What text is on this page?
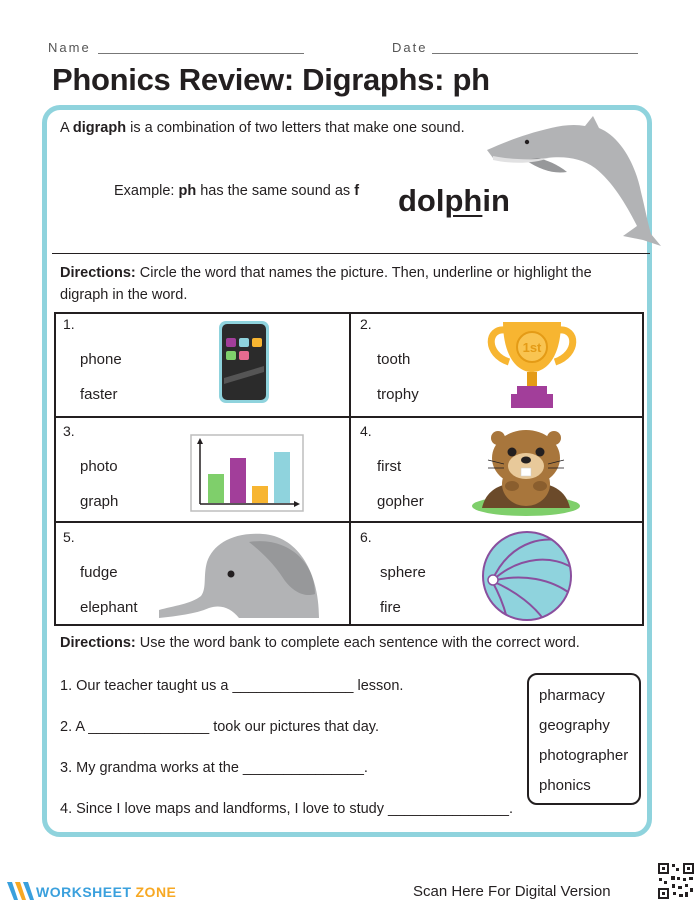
Name	Date
Phonics Review: Digraphs: ph
A digraph is a combination of two letters that make one sound.
Example: ph has the same sound as f dolphin
Directions: Circle the word that names the picture. Then, underline or highlight the
digraph in the word.
1.
phone
faster
2.
tooth
trophy
1st
3.
photo
graph
4.
first
gopher
5.
fudge
elephant
6.
sphere
fire
Directions: Use the word bank to complete each sentence with the correct word.
1. Our teacher taught us a _______________ lesson.
2. A _______________ took our pictures that day.
3. My grandma works at the _______________.
4. Since I love maps and landforms, I love to study _______________.
pharmacy
geography
photographer
phonics
WORKSHEET ZONE	Scan Here For Digital Version
